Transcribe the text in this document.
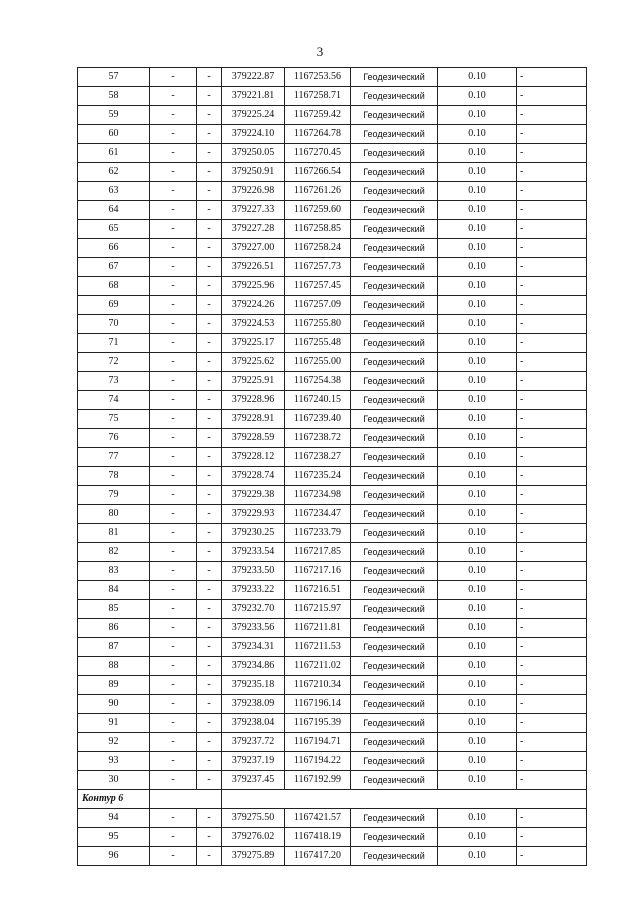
3
57	-	-	379222.87	1167253.56	Геодезический	0.10	-
58	-	-	379221.81	1167258.71	Геодезический	0.10	-
59	-	-	379225.24	1167259.42	Геодезический	0.10	-
60	-	-	379224.10	1167264.78	Геодезический	0.10	-
61	-	-	379250.05	1167270.45	Геодезический	0.10	-
62	-	-	379250.91	1167266.54	Геодезический	0.10	-
63	-	-	379226.98	1167261.26	Геодезический	0.10	-
64	-	-	379227.33	1167259.60	Геодезический	0.10	-
65	-	-	379227.28	1167258.85	Геодезический	0.10	-
66	-	-	379227.00	1167258.24	Геодезический	0.10	-
67	-	-	379226.51	1167257.73	Геодезический	0.10	-
68	-	-	379225.96	1167257.45	Геодезический	0.10	-
69	-	-	379224.26	1167257.09	Геодезический	0.10	-
70	-	-	379224.53	1167255.80	Геодезический	0.10	-
71	-	-	379225.17	1167255.48	Геодезический	0.10	-
72	-	-	379225.62	1167255.00	Геодезический	0.10	-
73	-	-	379225.91	1167254.38	Геодезический	0.10	-
74	-	-	379228.96	1167240.15	Геодезический	0.10	-
75	-	-	379228.91	1167239.40	Геодезический	0.10	-
76	-	-	379228.59	1167238.72	Геодезический	0.10	-
77	-	-	379228.12	1167238.27	Геодезический	0.10	-
78	-	-	379228.74	1167235.24	Геодезический	0.10	-
79	-	-	379229.38	1167234.98	Геодезический	0.10	-
80	-	-	379229.93	1167234.47	Геодезический	0.10	-
81	-	-	379230.25	1167233.79	Геодезический	0.10	-
82	-	-	379233.54	1167217.85	Геодезический	0.10	-
83	-	-	379233.50	1167217.16	Геодезический	0.10	-
84	-	-	379233.22	1167216.51	Геодезический	0.10	-
85	-	-	379232.70	1167215.97	Геодезический	0.10	-
86	-	-	379233.56	1167211.81	Геодезический	0.10	-
87	-	-	379234.31	1167211.53	Геодезический	0.10	-
88	-	-	379234.86	1167211.02	Геодезический	0.10	-
89	-	-	379235.18	1167210.34	Геодезический	0.10	-
90	-	-	379238.09	1167196.14	Геодезический	0.10	-
91	-	-	379238.04	1167195.39	Геодезический	0.10	-
92	-	-	379237.72	1167194.71	Геодезический	0.10	-
93	-	-	379237.19	1167194.22	Геодезический	0.10	-
30	-	-	379237.45	1167192.99	Геодезический	0.10	-
Контур 6							
94	-	-	379275.50	1167421.57	Геодезический	0.10	-
95	-	-	379276.02	1167418.19	Геодезический	0.10	-
96	-	-	379275.89	1167417.20	Геодезический	0.10	-
